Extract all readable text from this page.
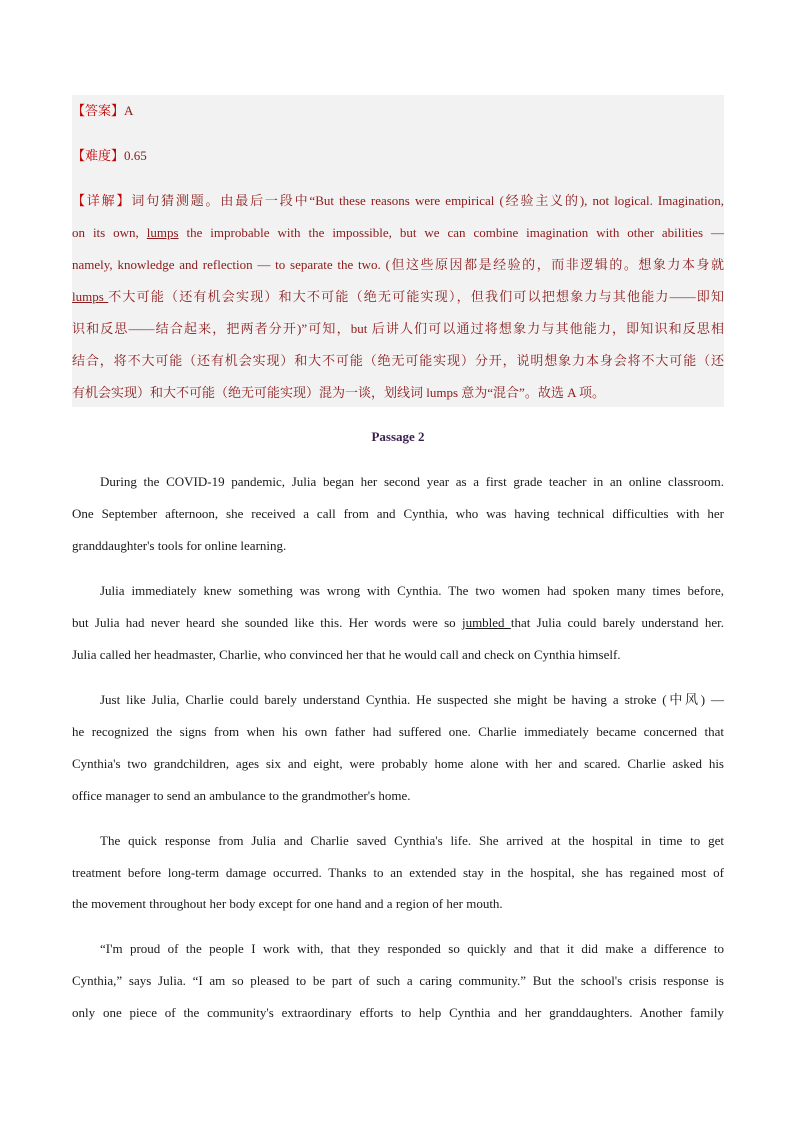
【答案】A
【难度】0.65
【详解】词句猜测题。由最后一段中“But these reasons were empirical (经验主义的), not logical. Imagination,
on its own, lumps the improbable with the impossible, but we can combine imagination with other abilities —
namely, knowledge and reflection — to separate the two. (但这些原因都是经验的，而非逻辑的。想象力本身就
lumps 不大可能（还有机会实现）和大不可能（绝无可能实现），但我们可以把想象力与其他能力——即知
识和反思——结合起来，把两者分开)”可知，but 后讲人们可以通过将想象力与其他能力，即知识和反思相
结合，将不大可能（还有机会实现）和大不可能（绝无可能实现）分开，说明想象力本身会将不大可能（还
有机会实现）和大不可能（绝无可能实现）混为一谈，划线词 lumps 意为“混合”。故选 A 项。
Passage 2
During the COVID-19 pandemic, Julia began her second year as a first grade teacher in an online classroom.
One September afternoon, she received a call from and Cynthia, who was having technical difficulties with her
granddaughter's tools for online learning.
Julia immediately knew something was wrong with Cynthia. The two women had spoken many times before,
but Julia had never heard she sounded like this. Her words were so jumbled that Julia could barely understand her.
Julia called her headmaster, Charlie, who convinced her that he would call and check on Cynthia himself.
Just like Julia, Charlie could barely understand Cynthia. He suspected she might be having a stroke (中风) —
he recognized the signs from when his own father had suffered one. Charlie immediately became concerned that
Cynthia's two grandchildren, ages six and eight, were probably home alone with her and scared. Charlie asked his
office manager to send an ambulance to the grandmother's home.
The quick response from Julia and Charlie saved Cynthia's life. She arrived at the hospital in time to get
treatment before long-term damage occurred. Thanks to an extended stay in the hospital, she has regained most of
the movement throughout her body except for one hand and a region of her mouth.
“I'm proud of the people I work with, that they responded so quickly and that it did make a difference to
Cynthia,” says Julia. “I am so pleased to be part of such a caring community.” But the school's crisis response is
only one piece of the community's extraordinary efforts to help Cynthia and her granddaughters. Another family
